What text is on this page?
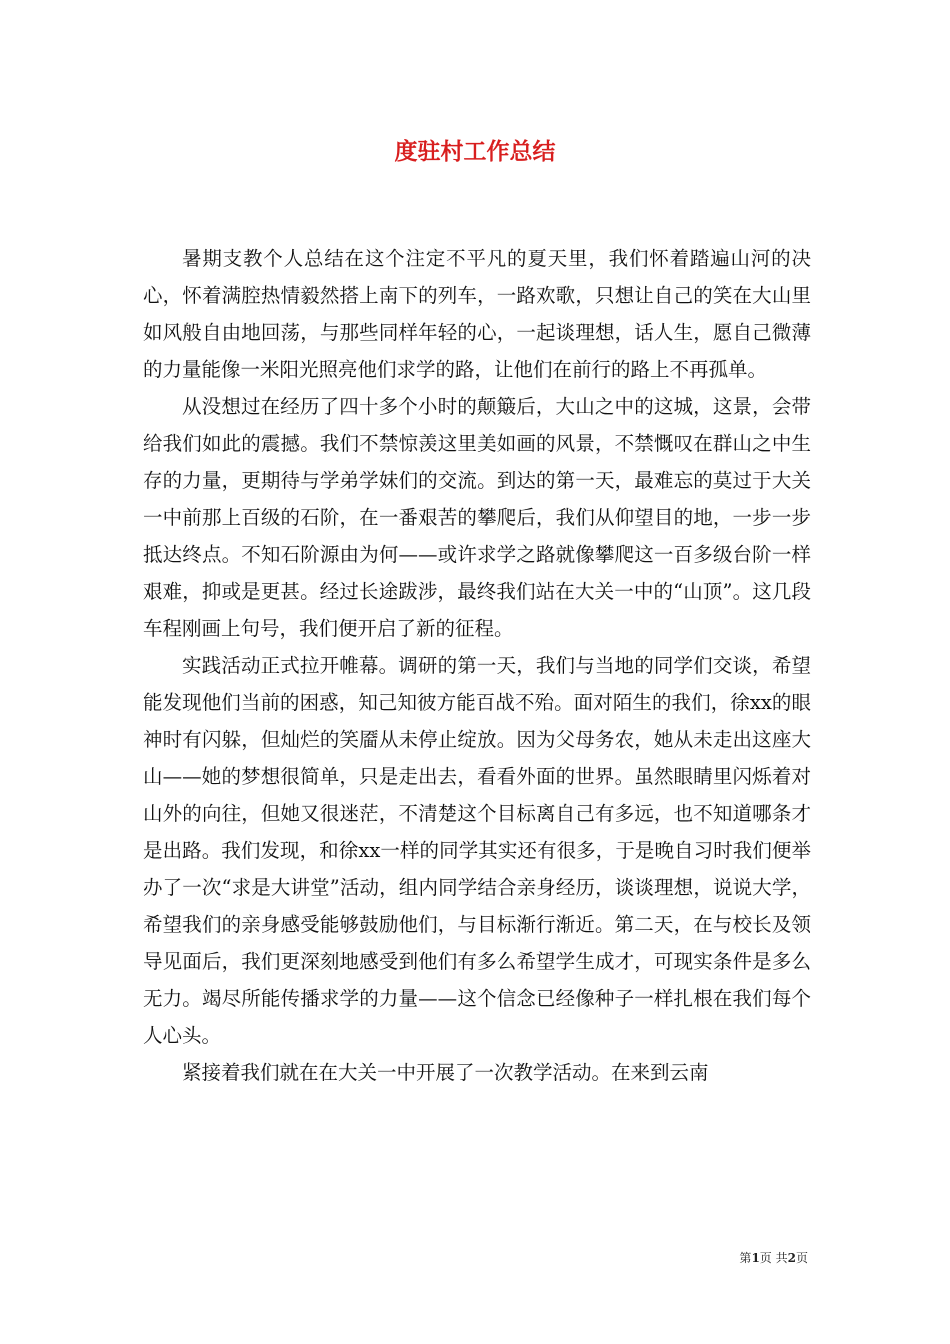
度驻村工作总结

暑期支教个人总结在这个注定不平凡的夏天里，我们怀着踏遍山河的决心，怀着满腔热情毅然搭上南下的列车，一路欢歌，只想让自己的笑在大山里如风般自由地回荡，与那些同样年轻的心，一起谈理想，话人生，愿自己微薄的力量能像一米阳光照亮他们求学的路，让他们在前行的路上不再孤单。

从没想过在经历了四十多个小时的颠簸后，大山之中的这城，这景，会带给我们如此的震撼。我们不禁惊羡这里美如画的风景，不禁慨叹在群山之中生存的力量，更期待与学弟学妹们的交流。到达的第一天，最难忘的莫过于大关一中前那上百级的石阶，在一番艰苦的攀爬后，我们从仰望目的地，一步一步抵达终点。不知石阶源由为何——或许求学之路就像攀爬这一百多级台阶一样艰难，抑或是更甚。经过长途跋涉，最终我们站在大关一中的“山顶”。这几段车程刚画上句号，我们便开启了新的征程。

实践活动正式拉开帷幕。调研的第一天，我们与当地的同学们交谈，希望能发现他们当前的困惑，知己知彼方能百战不殆。面对陌生的我们，徐xx的眼神时有闪躲，但灿烂的笑靥从未停止绽放。因为父母务农，她从未走出这座大山——她的梦想很简单，只是走出去，看看外面的世界。虽然眼睛里闪烁着对山外的向往，但她又很迷茫，不清楚这个目标离自己有多远，也不知道哪条才是出路。我们发现，和徐xx一样的同学其实还有很多，于是晚自习时我们便举办了一次“求是大讲堂”活动，组内同学结合亲身经历，谈谈理想，说说大学，希望我们的亲身感受能够鼓励他们，与目标渐行渐近。第二天，在与校长及领导见面后，我们更深刻地感受到他们有多么希望学生成才，可现实条件是多么无力。竭尽所能传播求学的力量——这个信念已经像种子一样扎根在我们每个人心头。

紧接着我们就在在大关一中开展了一次教学活动。在来到云南

第1页 共2页
